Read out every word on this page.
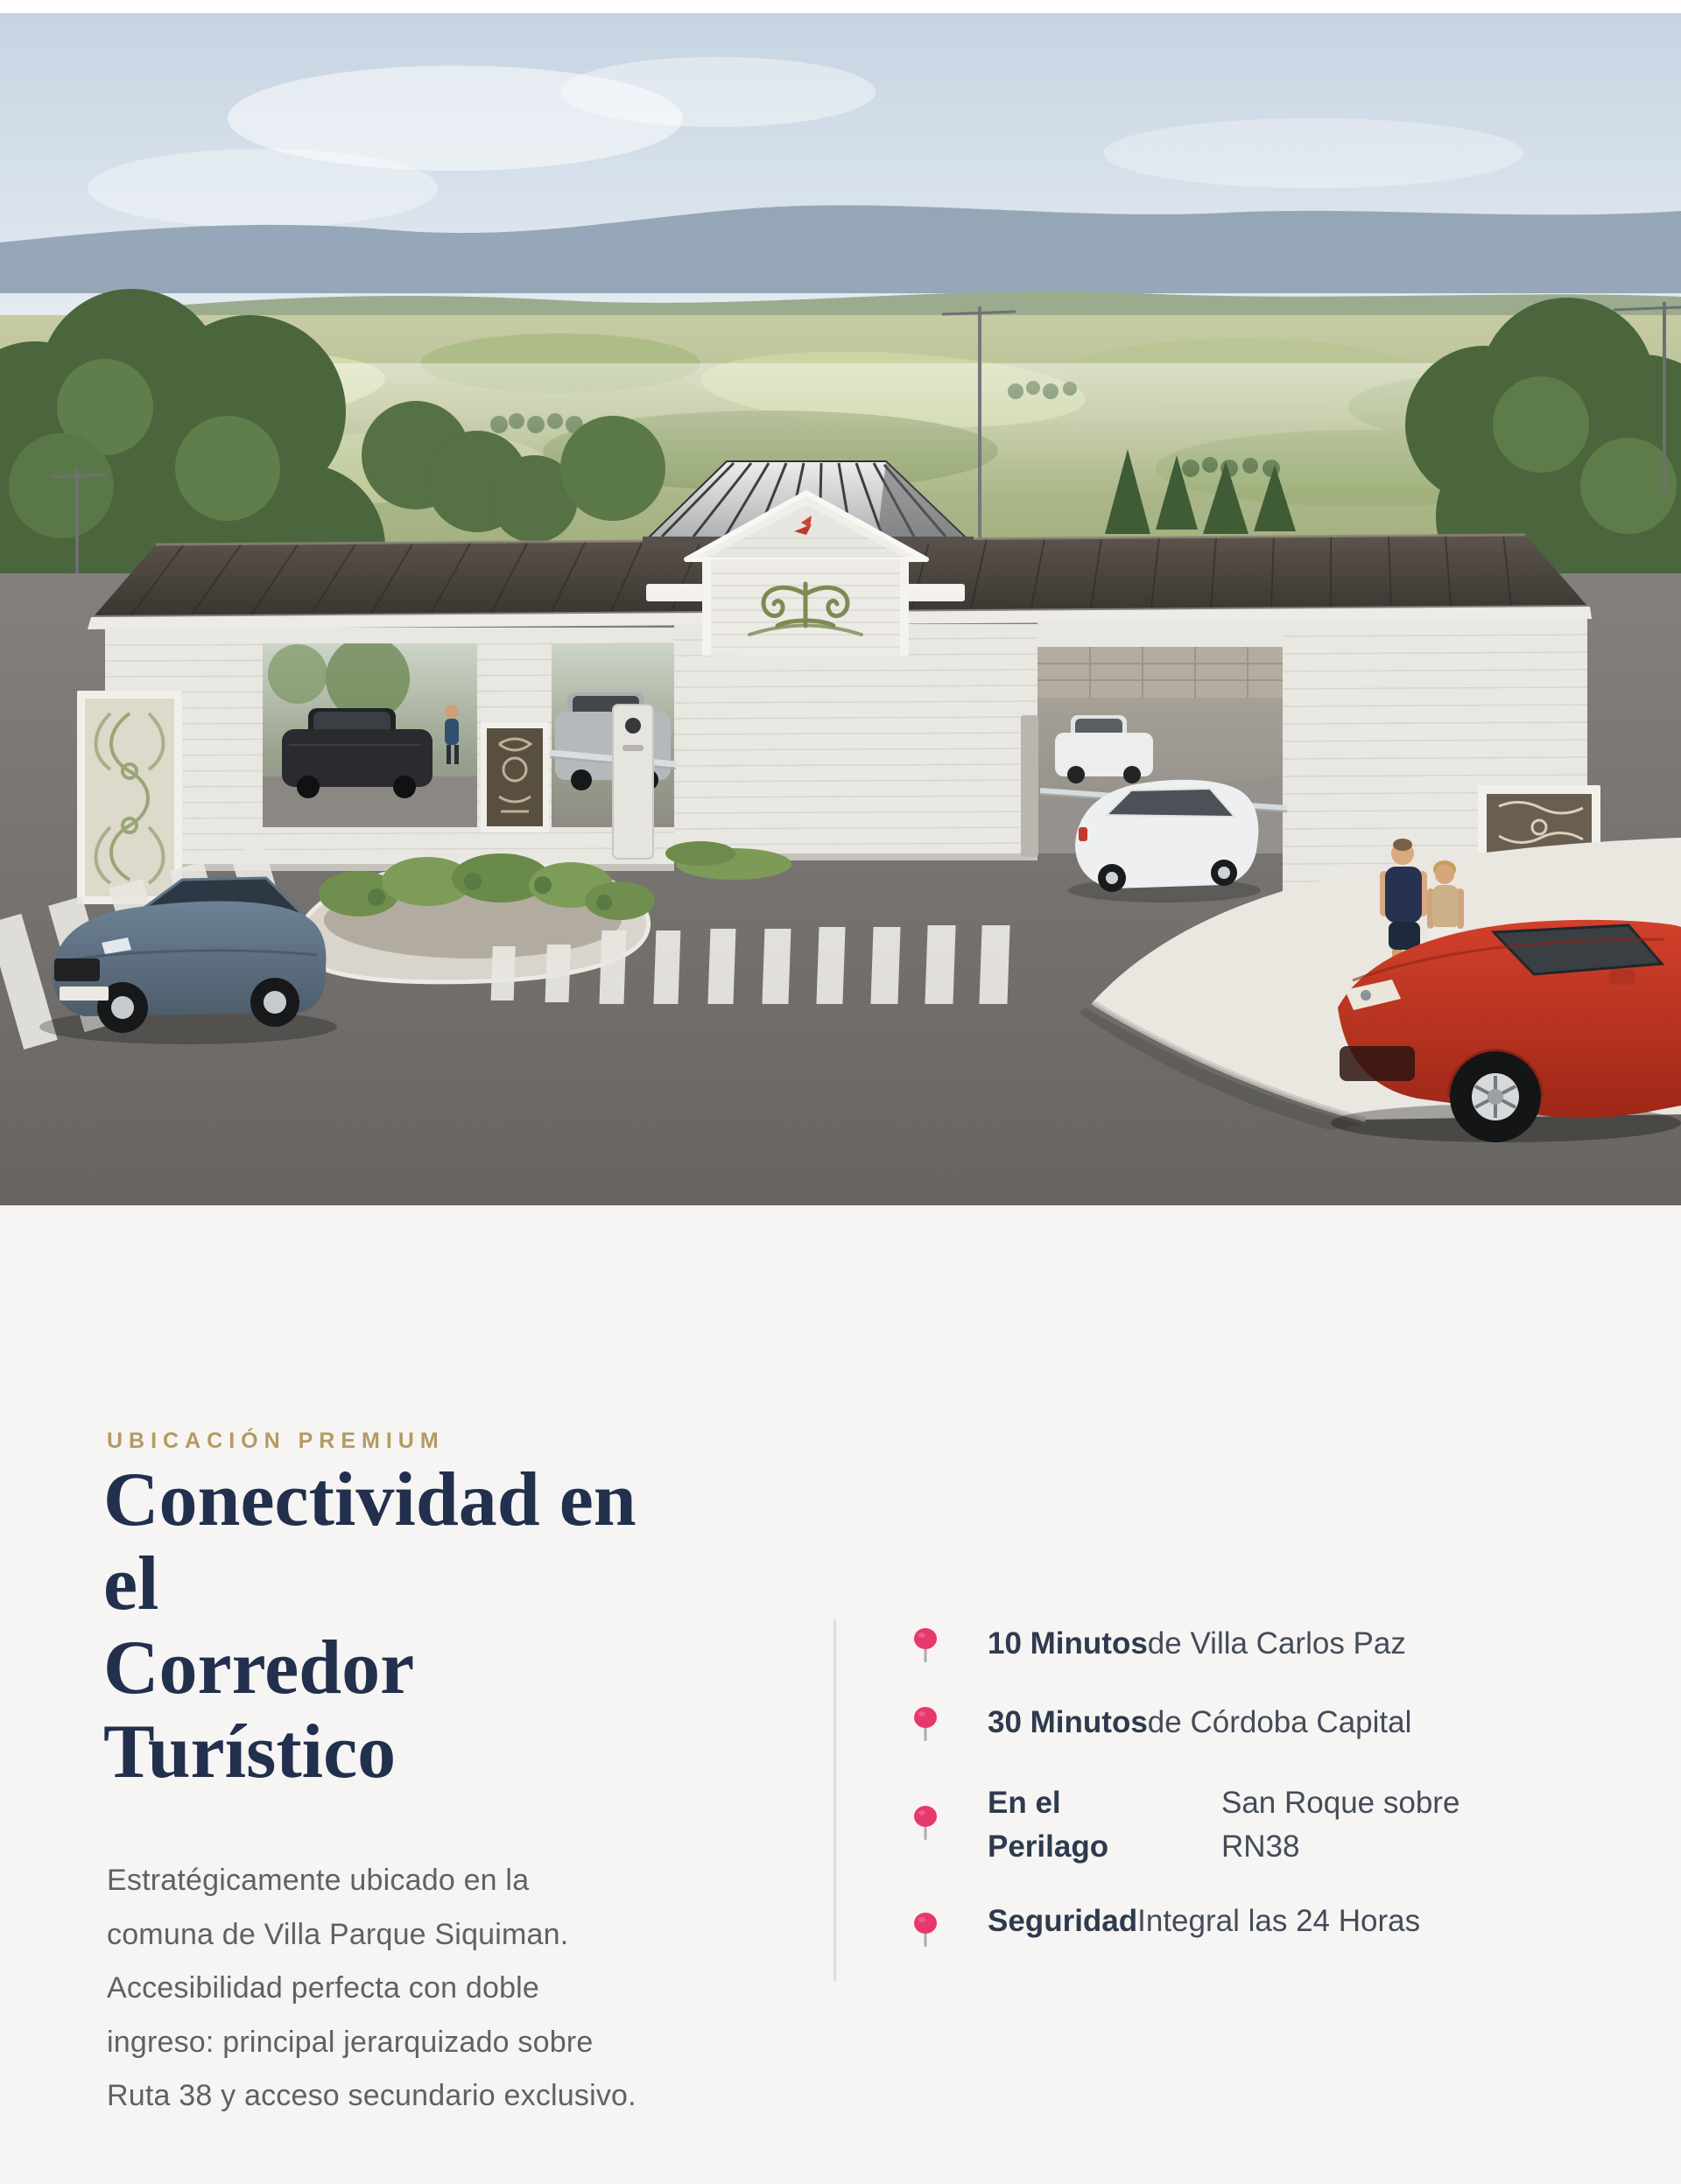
UBICACIÓN PREMIUM
Conectividad en
el
Corredor
Turístico
Estratégicamente ubicado en la
comuna de Villa Parque Siquiman.
Accesibilidad perfecta con doble
ingreso: principal jerarquizado sobre
Ruta 38 y acceso secundario exclusivo.
10 Minutosde Villa Carlos Paz
30 Minutosde Córdoba Capital
En el
Perilago
San Roque sobre
RN38
SeguridadIntegral las 24 Horas
